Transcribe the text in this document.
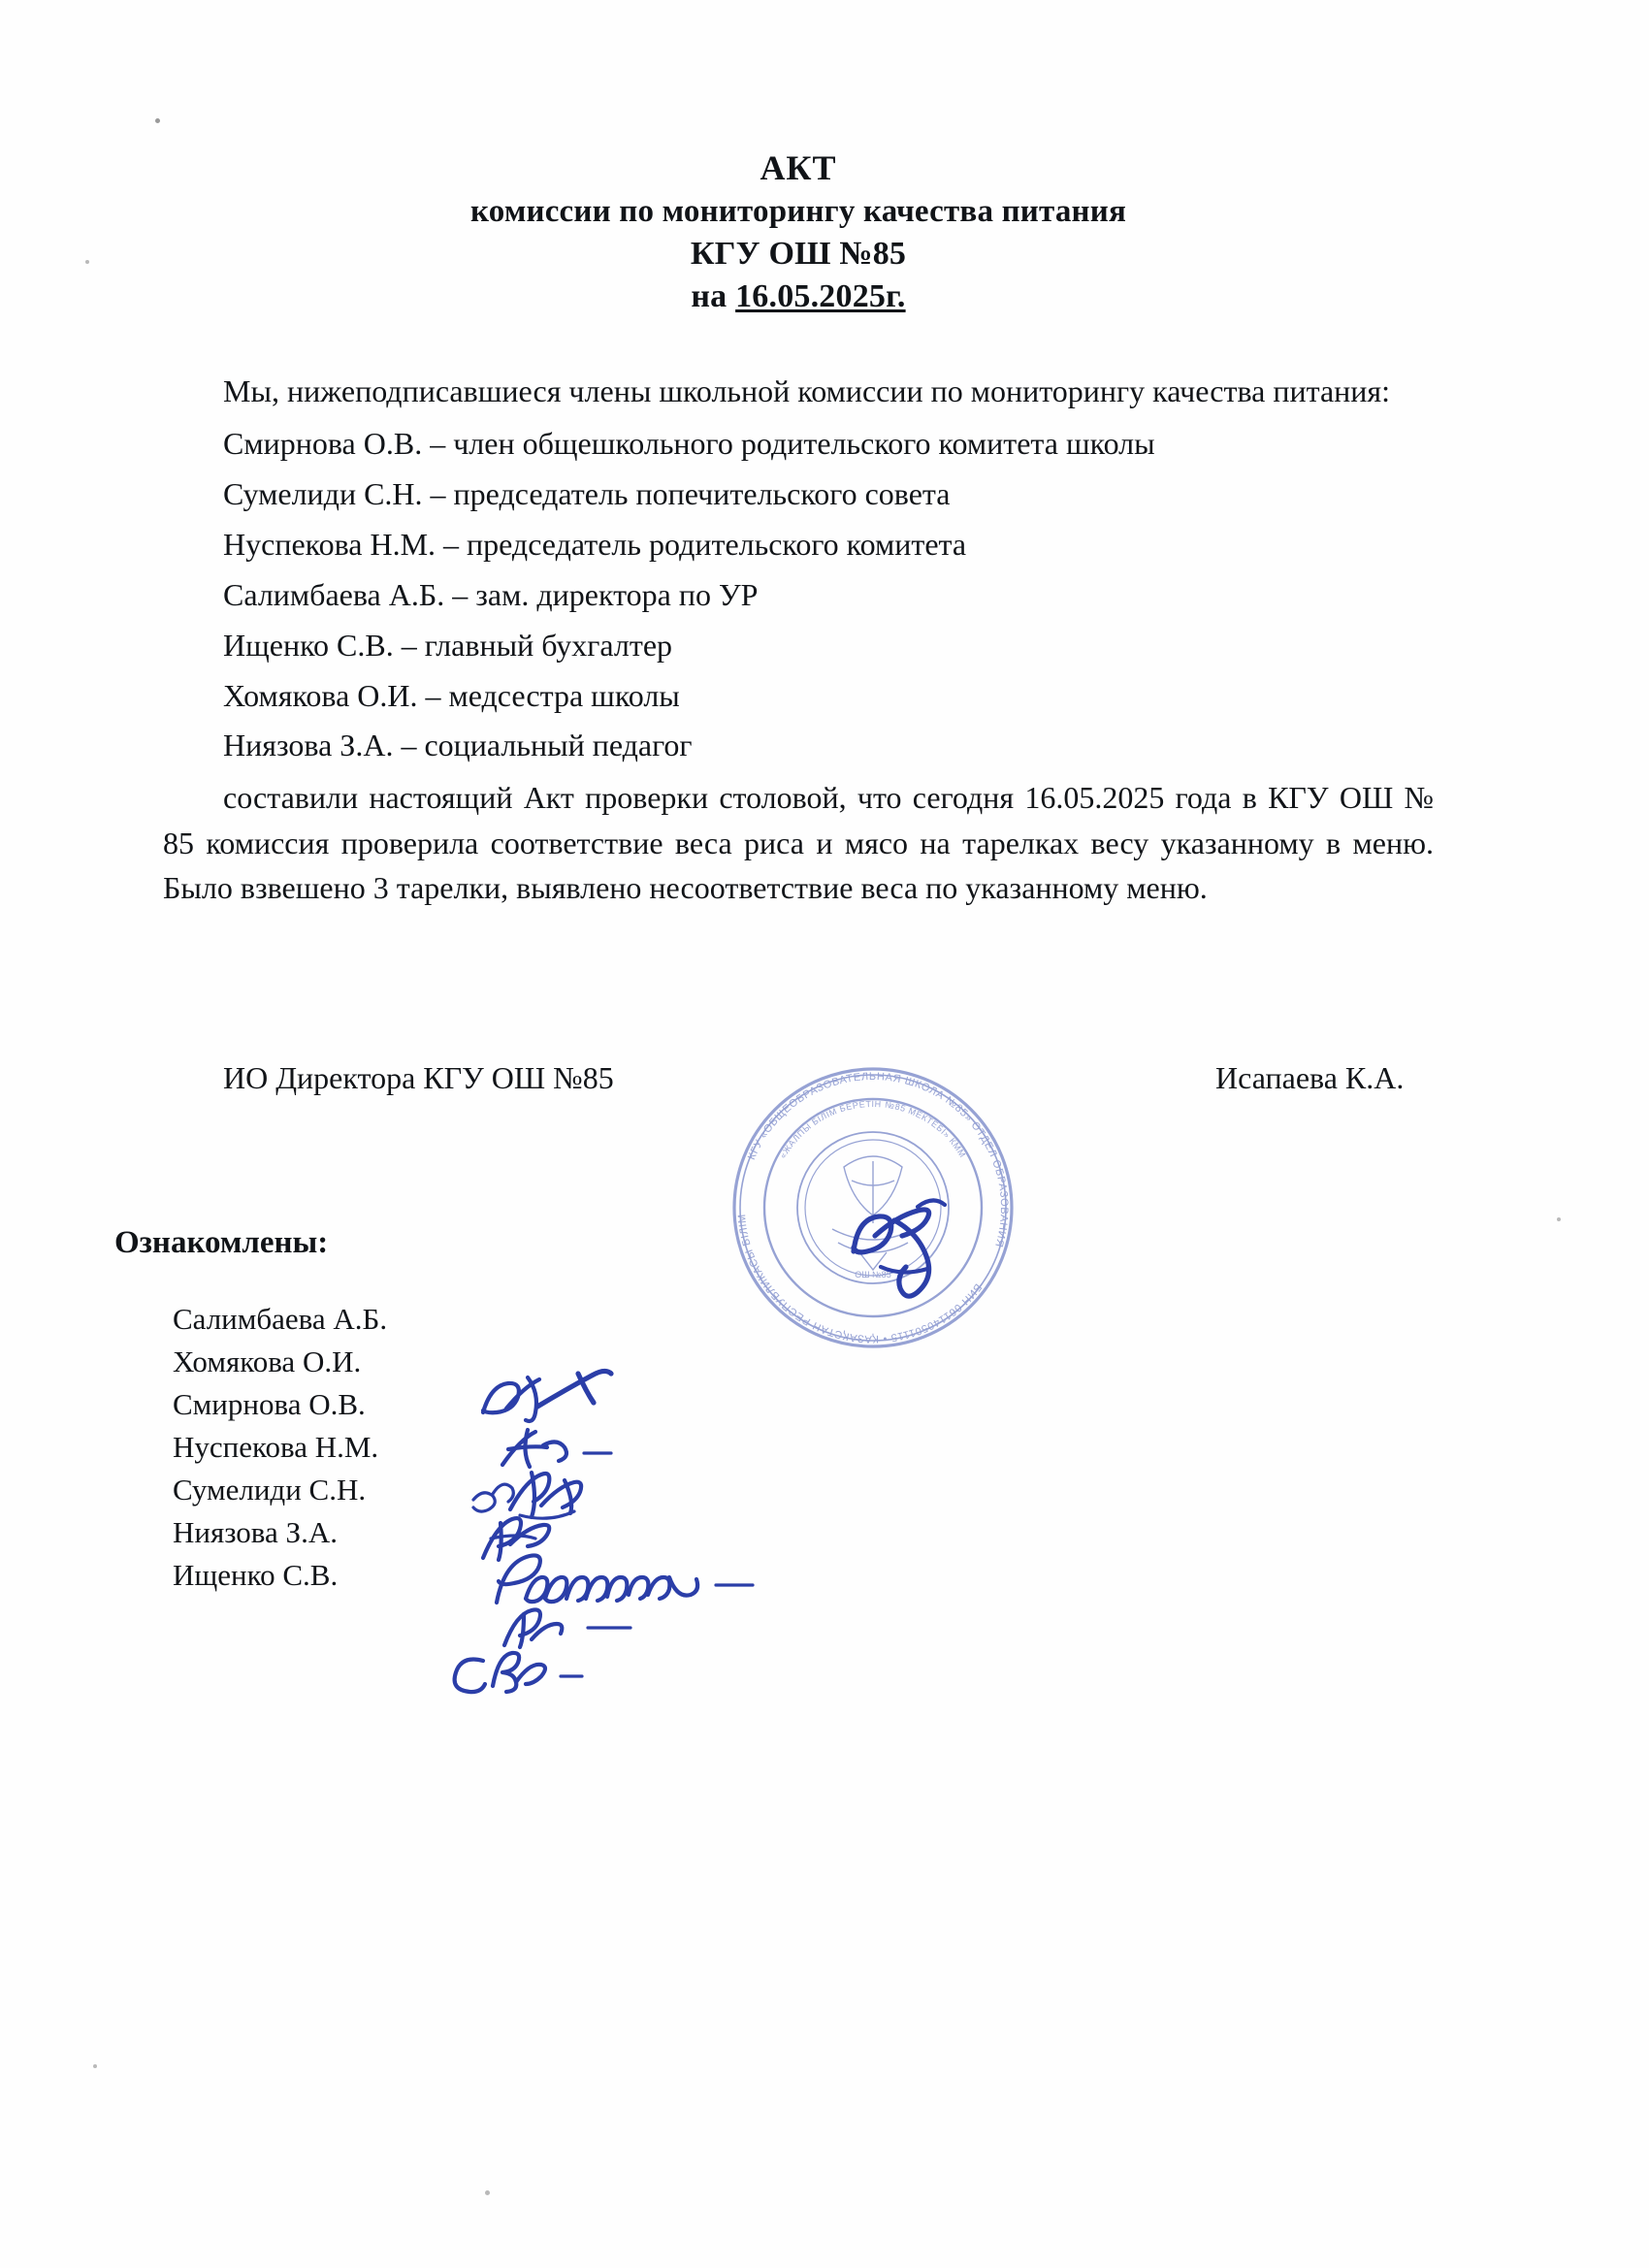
АКТ
комиссии по мониторингу качества питания
КГУ ОШ №85
на 16.05.2025г.
Мы, нижеподписавшиеся члены школьной комиссии по мониторингу качества питания:
Смирнова О.В. – член общешкольного родительского комитета школы
Сумелиди С.Н. – председатель попечительского совета
Нуспекова Н.М. – председатель родительского комитета
Салимбаева А.Б. – зам. директора по УР
Ищенко С.В. – главный бухгалтер
Хомякова О.И. – медсестра школы
Ниязова З.А. – социальный педагог
составили настоящий Акт проверки столовой, что сегодня 16.05.2025 года в КГУ ОШ № 85 комиссия проверила соответствие веса риса и мясо на тарелках весу указанному в меню. Было взвешено 3 тарелки, выявлено несоответствие веса по указанному меню.
ИО Директора КГУ ОШ №85	Исапаева К.А.
Ознакомлены:
Салимбаева А.Б.
Хомякова О.И.
Смирнова О.В.
Нуспекова Н.М.
Сумелиди С.Н.
Ниязова З.А.
Ищенко С.В.
КГУ «ОБЩЕОБРАЗОВАТЕЛЬНАЯ ШКОЛА №85» ОТДЕЛ ОБРАЗОВАНИЯ
БИН 061140501115 • ҚАЗАҚСТАН РЕСПУБЛИКАСЫ БІЛІМ
«ЖАЛПЫ БІЛІМ БЕРЕТІН №85 МЕКТЕБІ» КММ
ОШ №85
